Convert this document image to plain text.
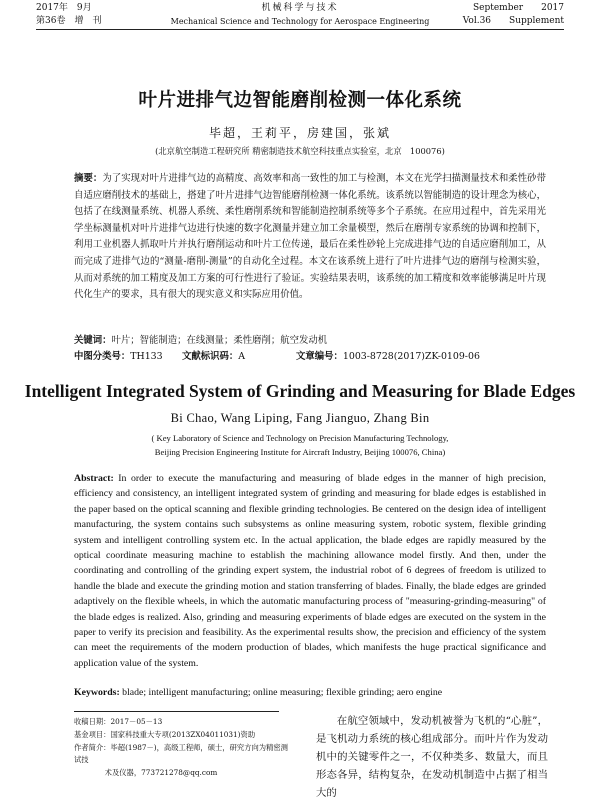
2017年　9月	机械科学与技术	September　　2017
第36卷　增　刊	Mechanical Science and Technology for Aerospace Engineering	Vol.36　　Supplement
叶片进排气边智能磨削检测一体化系统
毕超，王莉平，房建国，张斌
(北京航空制造工程研究所 精密制造技术航空科技重点实验室，北京　100076)
摘要：为了实现对叶片进排气边的高精度、高效率和高一致性的加工与检测，本文在光学扫描测量技术和柔性砂带自适应磨削技术的基础上，搭建了叶片进排气边智能磨削检测一体化系统。该系统以智能制造的设计理念为核心，包括了在线测量系统、机器人系统、柔性磨削系统和智能制造控制系统等多个子系统。在应用过程中，首先采用光学坐标测量机对叶片进排气边进行快速的数字化测量并建立加工余量模型，然后在磨削专家系统的协调和控制下，利用工业机器人抓取叶片并执行磨削运动和叶片工位传递，最后在柔性砂轮上完成进排气边的自适应磨削加工，从而完成了进排气边的“测量-磨削-测量”的自动化全过程。本文在该系统上进行了叶片进排气边的磨削与检测实验，从而对系统的加工精度及加工方案的可行性进行了验证。实验结果表明，该系统的加工精度和效率能够满足叶片现代化生产的要求，具有很大的现实意义和实际应用价值。
关键词：叶片；智能制造；在线测量；柔性磨削；航空发动机
中图分类号：TH133 文献标识码：A	文章编号：1003-8728(2017)ZK-0109-06
Intelligent Integrated System of Grinding and Measuring for Blade Edges
Bi Chao, Wang Liping, Fang Jianguo, Zhang Bin
( Key Laboratory of Science and Technology on Precision Manufacturing Technology,
Beijing Precision Engineering Institute for Aircraft Industry, Beijing 100076, China)
Abstract: In order to execute the manufacturing and measuring of blade edges in the manner of high precision, efficiency and consistency, an intelligent integrated system of grinding and measuring for blade edges is established in the paper based on the optical scanning and flexible grinding technologies. Be centered on the design idea of intelligent manufacturing, the system contains such subsystems as online measuring system, robotic system, flexible grinding system and intelligent controlling system etc. In the actual application, the blade edges are rapidly measured by the optical coordinate measuring machine to establish the machining allowance model firstly. And then, under the coordinating and controlling of the grinding expert system, the industrial robot of 6 degrees of freedom is utilized to handle the blade and execute the grinding motion and station transferring of blades. Finally, the blade edges are grinded adaptively on the flexible wheels, in which the automatic manufacturing process of "measuring-grinding-measuring" of the blade edges is realized. Also, grinding and measuring experiments of blade edges are executed on the system in the paper to verify its precision and feasibility. As the experimental results show, the precision and efficiency of the system can meet the requirements of the modern production of blades, which manifests the huge practical significance and application value of the system.
Keywords: blade; intelligent manufacturing; online measuring; flexible grinding; aero engine
收稿日期：2017－05－13
基金项目：国家科技重大专项(2013ZX04011031)资助
作者简介：毕超(1987－)，高级工程师，硕士，研究方向为精密测试技
术及仪器，773721278@qq.com
在航空领域中，发动机被誉为飞机的“心脏”，是飞机动力系统的核心组成部分。而叶片作为发动机中的关键零件之一，不仅种类多、数量大，而且形态各异，结构复杂，在发动机制造中占据了相当大的
